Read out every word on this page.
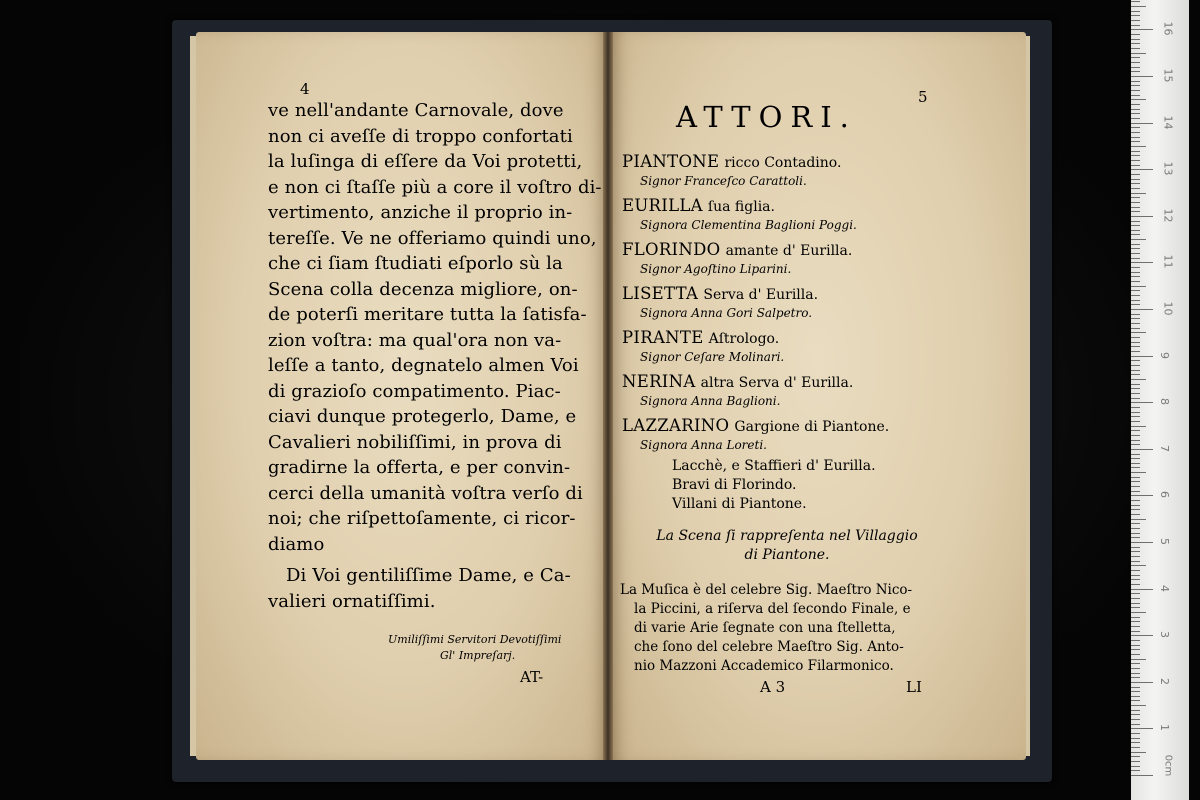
4
ve nell'andante Carnovale, dove
non ci aveſſe di troppo confortati
la luſinga di eſſere da Voi protetti,
e non ci ſtaſſe più a core il voſtro di-
vertimento, anziche il proprio in-
tereſſe. Ve ne offeriamo quindi uno,
che ci ſiam ſtudiati eſporlo sù la
Scena colla decenza migliore, on-
de poterſi meritare tutta la ſatisfa-
zion voſtra: ma qual'ora non va-
leſſe a tanto, degnatelo almen Voi
di grazioſo compatimento. Piac-
ciavi dunque protegerlo, Dame, e
Cavalieri nobiliſſimi, in prova di
gradirne la offerta, e per convin-
cerci della umanità voſtra verſo di
noi; che riſpettoſamente, ci ricor-
diamo
Di Voi gentiliſſime Dame, e Ca-
valieri ornatiſſimi.
Umiliſſimi Servitori Devotiſſimi
Gl' Impreſarj.
AT-
5
ATTORI.
PIANTONE ricco Contadino.
Signor Franceſco Carattoli.
EURILLA ſua figlia.
Signora Clementina Baglioni Poggi.
FLORINDO amante d' Eurilla.
Signor Agoſtino Liparini.
LISETTA Serva d' Eurilla.
Signora Anna Gori Salpetro.
PIRANTE Aſtrologo.
Signor Ceſare Molinari.
NERINA altra Serva d' Eurilla.
Signora Anna Baglioni.
LAZZARINO Gargione di Piantone.
Signora Anna Loreti.
Lacchè, e Staffieri d' Eurilla.
Bravi di Florindo.
Villani di Piantone.
La Scena ſi rappreſenta nel Villaggio
di Piantone.
La Muſica è del celebre Sig. Maeſtro Nico-
la Piccini, a riſerva del ſecondo Finale, e
di varie Arie ſegnate con una ſtelletta,
che ſono del celebre Maeſtro Sig. Anto-
nio Mazzoni Accademico Filarmonico.
A 3	LI
0cm
1
2
3
4
5
6
7
8
9
10
11
12
13
14
15
16
